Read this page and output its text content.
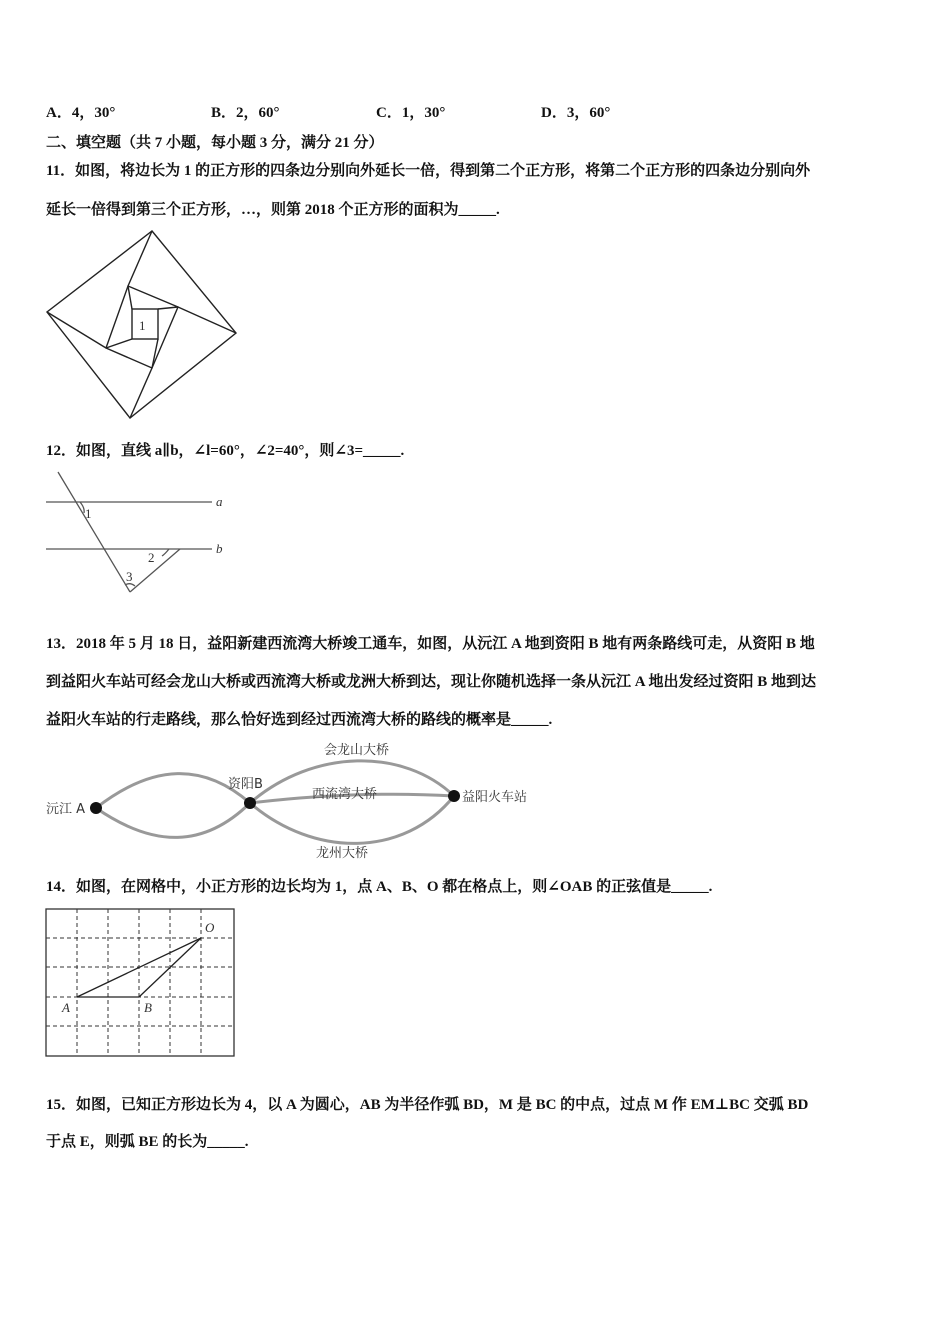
A．4，30°	B．2，60°	C．1，30°	D．3，60°
二、填空题（共 7 小题，每小题 3 分，满分 21 分）
11．如图，将边长为 1 的正方形的四条边分别向外延长一倍，得到第二个正方形，将第二个正方形的四条边分别向外
延长一倍得到第三个正方形，…，则第 2018 个正方形的面积为_____.
1
12．如图，直线 a∥b，∠l=60°，∠2=40°，则∠3=_____.
a
b
1
2
3
13．2018 年 5 月 18 日，益阳新建西流湾大桥竣工通车，如图，从沅江 A 地到资阳 B 地有两条路线可走，从资阳 B 地
到益阳火车站可经会龙山大桥或西流湾大桥或龙洲大桥到达，现让你随机选择一条从沅江 A 地出发经过资阳 B 地到达
益阳火车站的行走路线，那么恰好选到经过西流湾大桥的路线的概率是_____.
沅江 A
资阳B
益阳火车站
会龙山大桥
西流湾大桥
龙州大桥
14．如图，在网格中，小正方形的边长均为 1，点 A、B、O 都在格点上，则∠OAB 的正弦值是_____.
O
A	B
15．如图，已知正方形边长为 4，以 A 为圆心，AB 为半径作弧 BD，M 是 BC 的中点，过点 M 作 EM⊥BC 交弧 BD
于点 E，则弧 BE 的长为_____.
